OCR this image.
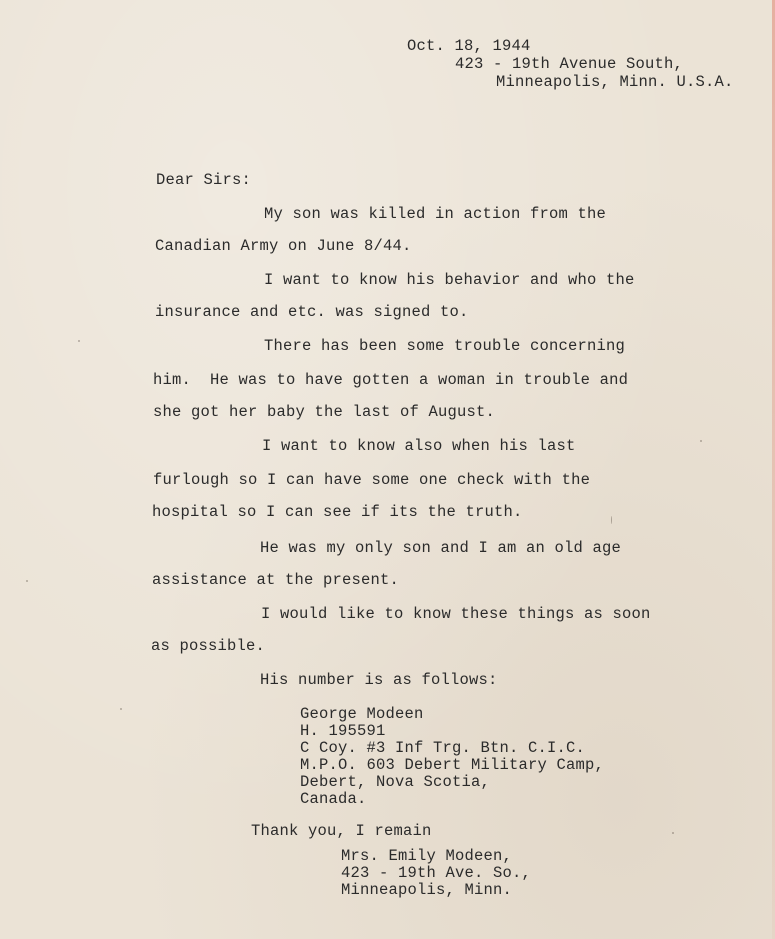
Oct. 18, 1944
423 - 19th Avenue South,
Minneapolis, Minn. U.S.A.
Dear Sirs:
My son was killed in action from the
Canadian Army on June 8/44.
I want to know his behavior and who the
insurance and etc. was signed to.
There has been some trouble concerning
him.  He was to have gotten a woman in trouble and
she got her baby the last of August.
I want to know also when his last
furlough so I can have some one check with the
hospital so I can see if its the truth.
He was my only son and I am an old age
assistance at the present.
I would like to know these things as soon
as possible.
His number is as follows:
George Modeen
H. 195591
C Coy. #3 Inf Trg. Btn. C.I.C.
M.P.O. 603 Debert Military Camp,
Debert, Nova Scotia,
Canada.
Thank you, I remain
Mrs. Emily Modeen,
423 - 19th Ave. So.,
Minneapolis, Minn.
